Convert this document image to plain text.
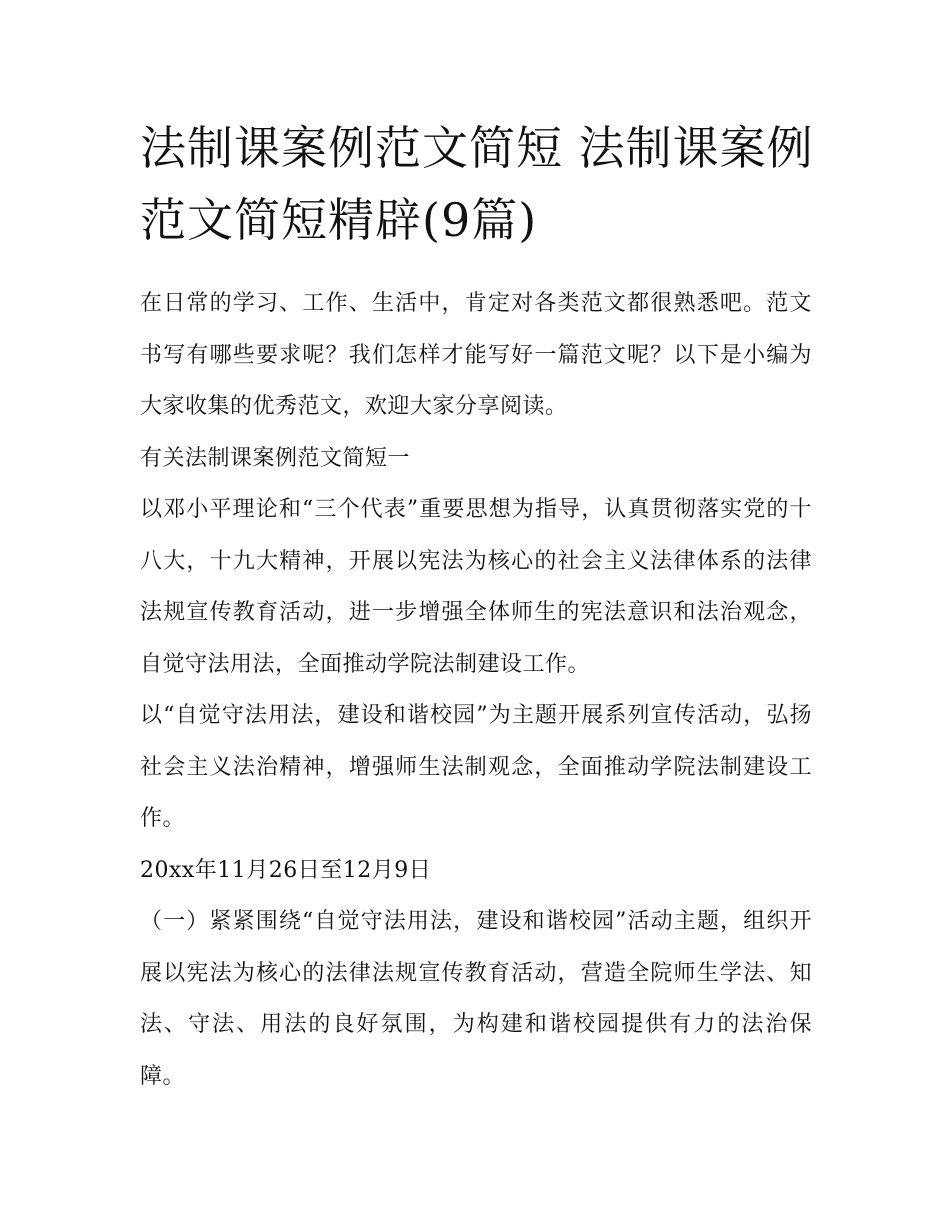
法制课案例范文简短 法制课案例范文简短精辟(9篇)

在日常的学习、工作、生活中，肯定对各类范文都很熟悉吧。范文书写有哪些要求呢？我们怎样才能写好一篇范文呢？以下是小编为大家收集的优秀范文，欢迎大家分享阅读。

有关法制课案例范文简短一

以邓小平理论和“三个代表”重要思想为指导，认真贯彻落实党的十八大，十九大精神，开展以宪法为核心的社会主义法律体系的法律法规宣传教育活动，进一步增强全体师生的宪法意识和法治观念，自觉守法用法，全面推动学院法制建设工作。

以“自觉守法用法，建设和谐校园”为主题开展系列宣传活动，弘扬社会主义法治精神，增强师生法制观念，全面推动学院法制建设工作。

20xx年11月26日至12月9日

（一）紧紧围绕“自觉守法用法，建设和谐校园”活动主题，组织开展以宪法为核心的法律法规宣传教育活动，营造全院师生学法、知法、守法、用法的良好氛围，为构建和谐校园提供有力的法治保障。
